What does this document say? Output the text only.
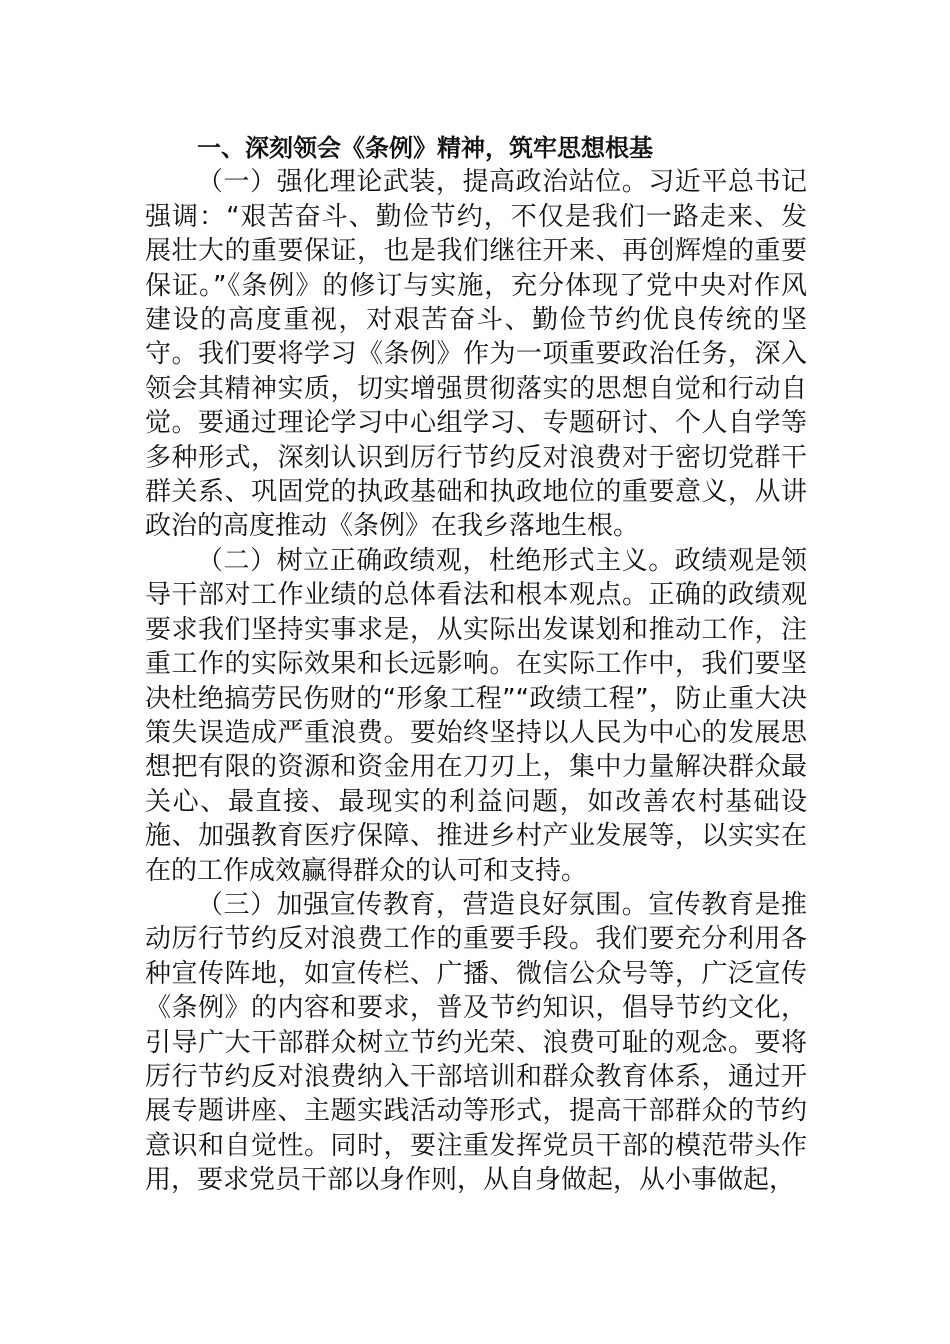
一、深刻领会《条例》精神，筑牢思想根基

（一）强化理论武装，提高政治站位。习近平总书记强调：“艰苦奋斗、勤俭节约，不仅是我们一路走来、发展壮大的重要保证，也是我们继往开来、再创辉煌的重要保证。”《条例》的修订与实施，充分体现了党中央对作风建设的高度重视，对艰苦奋斗、勤俭节约优良传统的坚守。我们要将学习《条例》作为一项重要政治任务，深入领会其精神实质，切实增强贯彻落实的思想自觉和行动自觉。要通过理论学习中心组学习、专题研讨、个人自学等多种形式，深刻认识到厉行节约反对浪费对于密切党群干群关系、巩固党的执政基础和执政地位的重要意义，从讲政治的高度推动《条例》在我乡落地生根。

（二）树立正确政绩观，杜绝形式主义。政绩观是领导干部对工作业绩的总体看法和根本观点。正确的政绩观要求我们坚持实事求是，从实际出发谋划和推动工作，注重工作的实际效果和长远影响。在实际工作中，我们要坚决杜绝搞劳民伤财的“形象工程”“政绩工程”，防止重大决策失误造成严重浪费。要始终坚持以人民为中心的发展思想把有限的资源和资金用在刀刃上，集中力量解决群众最关心、最直接、最现实的利益问题，如改善农村基础设施、加强教育医疗保障、推进乡村产业发展等，以实实在在的工作成效赢得群众的认可和支持。

（三）加强宣传教育，营造良好氛围。宣传教育是推动厉行节约反对浪费工作的重要手段。我们要充分利用各种宣传阵地，如宣传栏、广播、微信公众号等，广泛宣传《条例》的内容和要求，普及节约知识，倡导节约文化，引导广大干部群众树立节约光荣、浪费可耻的观念。要将厉行节约反对浪费纳入干部培训和群众教育体系，通过开展专题讲座、主题实践活动等形式，提高干部群众的节约意识和自觉性。同时，要注重发挥党员干部的模范带头作用，要求党员干部以身作则，从自身做起，从小事做起，
